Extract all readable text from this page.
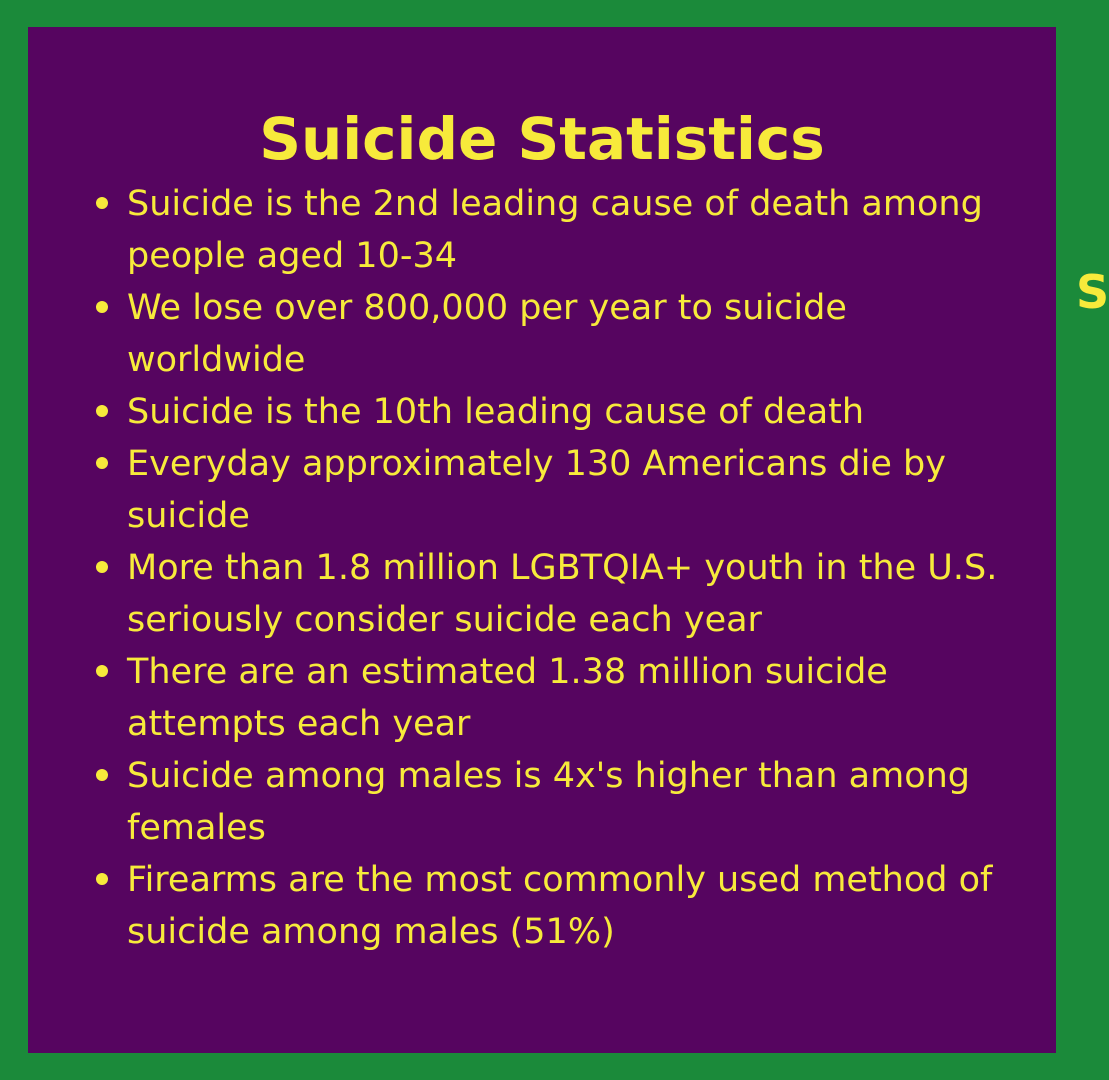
Suicide Statistics
Suicide is the 2nd leading cause of death among people aged 10-34
We lose over 800,000 per year to suicide worldwide
Suicide is the 10th leading cause of death
Everyday approximately 130 Americans die by suicide
More than 1.8 million LGBTQIA+ youth in the U.S. seriously consider suicide each year
There are an estimated 1.38 million suicide attempts each year
Suicide among males is 4x's higher than among females
Firearms are the most commonly used method of suicide among males (51%)
S
